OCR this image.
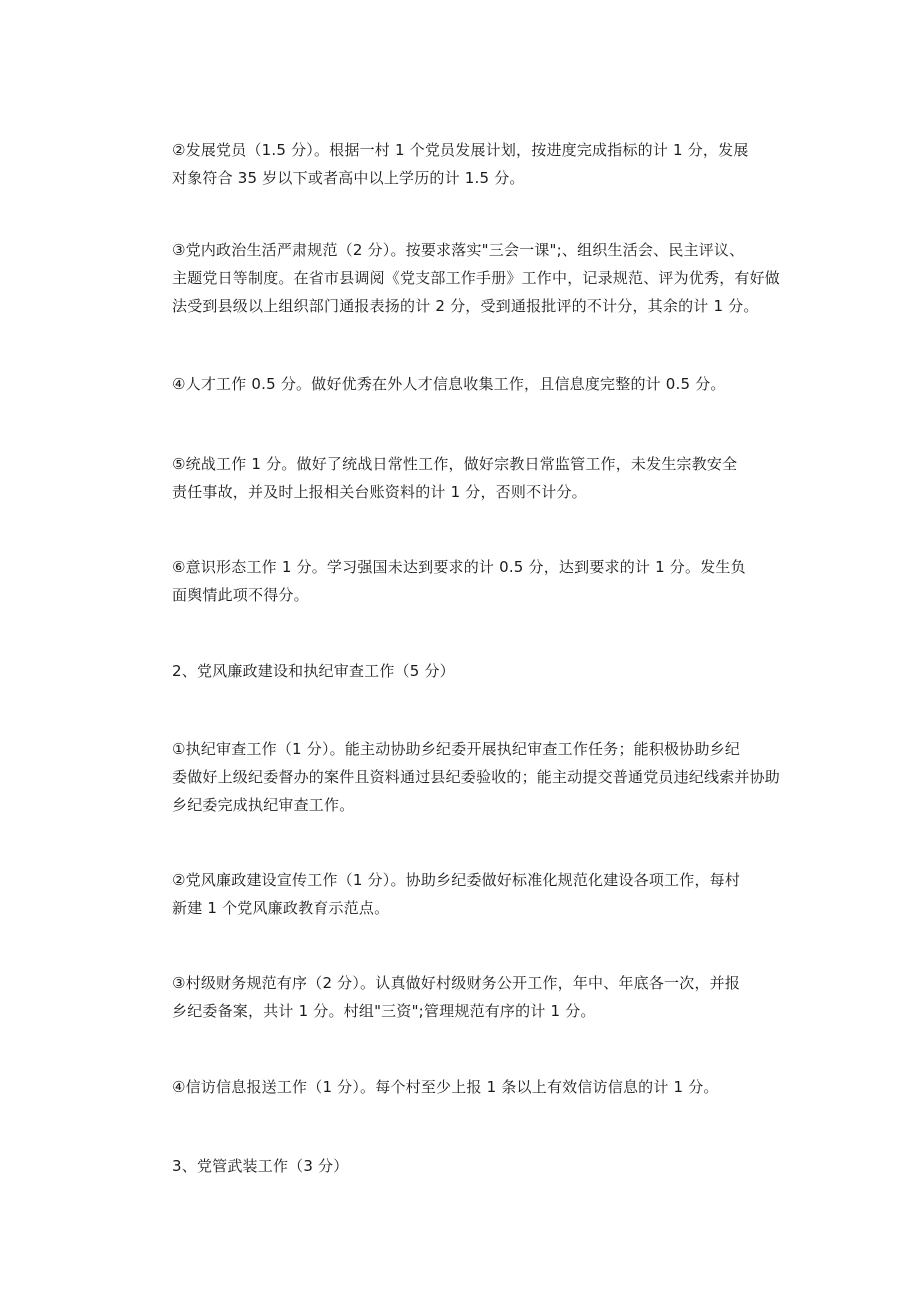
②发展党员（1.5 分）。根据一村 1 个党员发展计划，按进度完成指标的计 1 分，发展
对象符合 35 岁以下或者高中以上学历的计 1.5 分。

③党内政治生活严肃规范（2 分）。按要求落实"三会一课";、组织生活会、民主评议、
主题党日等制度。在省市县调阅《党支部工作手册》工作中，记录规范、评为优秀，有好做
法受到县级以上组织部门通报表扬的计 2 分，受到通报批评的不计分，其余的计 1 分。

④人才工作 0.5 分。做好优秀在外人才信息收集工作，且信息度完整的计 0.5 分。

⑤统战工作 1 分。做好了统战日常性工作，做好宗教日常监管工作，未发生宗教安全
责任事故，并及时上报相关台账资料的计 1 分，否则不计分。

⑥意识形态工作 1 分。学习强国未达到要求的计 0.5 分，达到要求的计 1 分。发生负
面舆情此项不得分。

2、党风廉政建设和执纪审查工作（5 分）

①执纪审查工作（1 分）。能主动协助乡纪委开展执纪审查工作任务；能积极协助乡纪
委做好上级纪委督办的案件且资料通过县纪委验收的；能主动提交普通党员违纪线索并协助
乡纪委完成执纪审查工作。

②党风廉政建设宣传工作（1 分）。协助乡纪委做好标准化规范化建设各项工作，每村
新建 1 个党风廉政教育示范点。

③村级财务规范有序（2 分）。认真做好村级财务公开工作，年中、年底各一次，并报
乡纪委备案，共计 1 分。村组"三资";管理规范有序的计 1 分。

④信访信息报送工作（1 分）。每个村至少上报 1 条以上有效信访信息的计 1 分。

3、党管武装工作（3 分）
